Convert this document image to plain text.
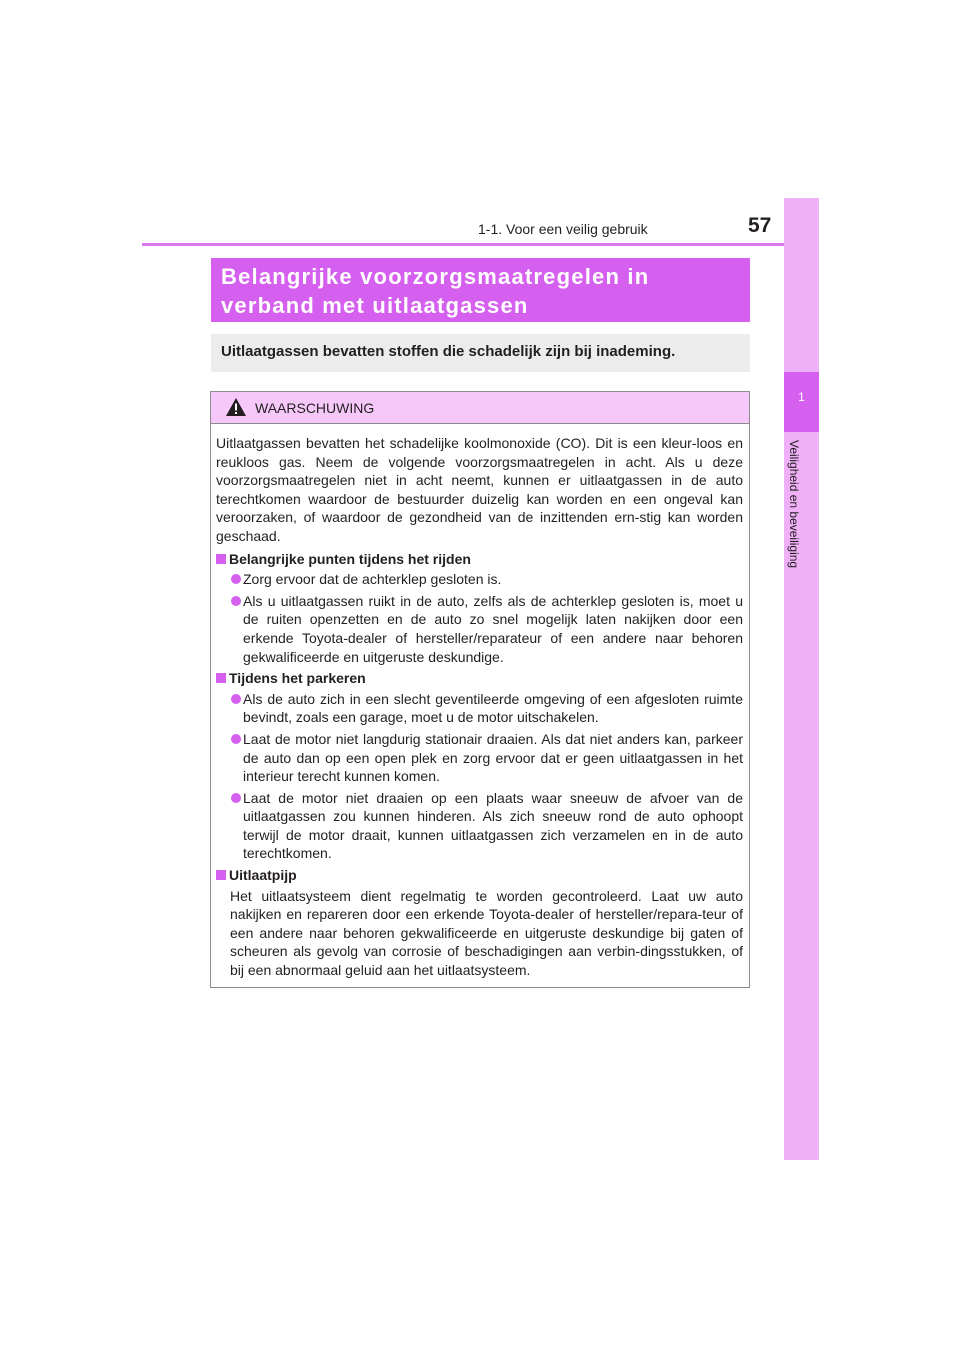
1-1. Voor een veilig gebruik	57
1
Veiligheid en beveiliging
Belangrijke voorzorgsmaatregelen in
verband met uitlaatgassen
Uitlaatgassen bevatten stoffen die schadelijk zijn bij inademing.
WAARSCHUWING

Uitlaatgassen bevatten het schadelijke koolmonoxide (CO). Dit is een kleur-loos en reukloos gas. Neem de volgende voorzorgsmaatregelen in acht. Als u deze voorzorgsmaatregelen niet in acht neemt, kunnen er uitlaatgassen in de auto terechtkomen waardoor de bestuurder duizelig kan worden en een ongeval kan veroorzaken, of waardoor de gezondheid van de inzittenden ern-stig kan worden geschaad.

Belangrijke punten tijdens het rijden

Zorg ervoor dat de achterklep gesloten is.

Als u uitlaatgassen ruikt in de auto, zelfs als de achterklep gesloten is, moet u de ruiten openzetten en de auto zo snel mogelijk laten nakijken door een erkende Toyota-dealer of hersteller/reparateur of een andere naar behoren gekwalificeerde en uitgeruste deskundige.

Tijdens het parkeren

Als de auto zich in een slecht geventileerde omgeving of een afgesloten ruimte bevindt, zoals een garage, moet u de motor uitschakelen.

Laat de motor niet langdurig stationair draaien. Als dat niet anders kan, parkeer de auto dan op een open plek en zorg ervoor dat er geen uitlaatgassen in het interieur terecht kunnen komen.

Laat de motor niet draaien op een plaats waar sneeuw de afvoer van de uitlaatgassen zou kunnen hinderen. Als zich sneeuw rond de auto ophoopt terwijl de motor draait, kunnen uitlaatgassen zich verzamelen en in de auto terechtkomen.

Uitlaatpijp

Het uitlaatsysteem dient regelmatig te worden gecontroleerd. Laat uw auto nakijken en repareren door een erkende Toyota-dealer of hersteller/repara-teur of een andere naar behoren gekwalificeerde en uitgeruste deskundige bij gaten of scheuren als gevolg van corrosie of beschadigingen aan verbin-dingsstukken, of bij een abnormaal geluid aan het uitlaatsysteem.
